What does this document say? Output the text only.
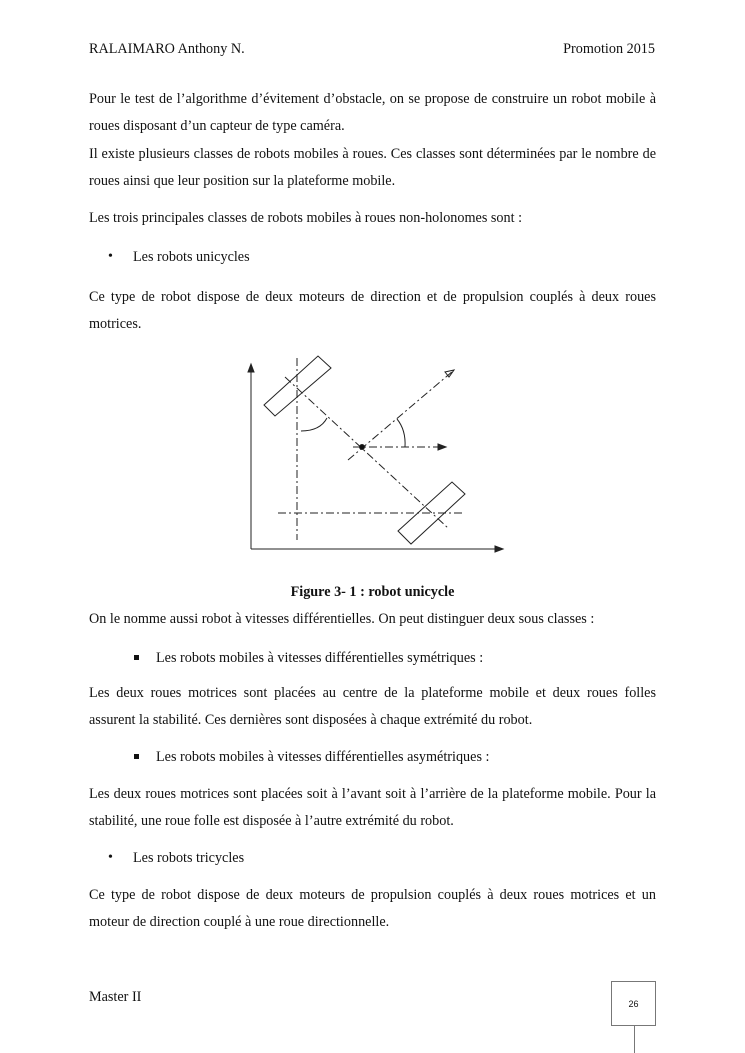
RALAIMARO Anthony N.	Promotion 2015
Pour le test de l’algorithme d’évitement d’obstacle, on se propose de construire un robot mobile à roues disposant d’un capteur de type caméra.
Il existe plusieurs classes de robots mobiles à roues. Ces classes sont déterminées par le nombre de roues ainsi que leur position sur la plateforme mobile.
Les trois principales classes de robots mobiles à roues non-holonomes sont :
• Les robots unicycles
Ce type de robot dispose de deux moteurs de direction et de propulsion couplés à deux roues motrices.
Figure 3- 1 : robot unicycle
On le nomme aussi robot à vitesses différentielles. On peut distinguer deux sous classes :
Les robots mobiles à vitesses différentielles symétriques :
Les deux roues motrices sont placées au centre de la plateforme mobile et deux roues folles assurent la stabilité. Ces dernières sont disposées à chaque extrémité du robot.
Les robots mobiles à vitesses différentielles asymétriques :
Les deux roues motrices sont placées soit à l’avant soit à l’arrière de la plateforme mobile. Pour la stabilité, une roue folle est disposée à l’autre extrémité du robot.
• Les robots tricycles
Ce type de robot dispose de deux moteurs de propulsion couplés à deux roues motrices et un moteur de direction couplé à une roue directionnelle.
Master II	26
